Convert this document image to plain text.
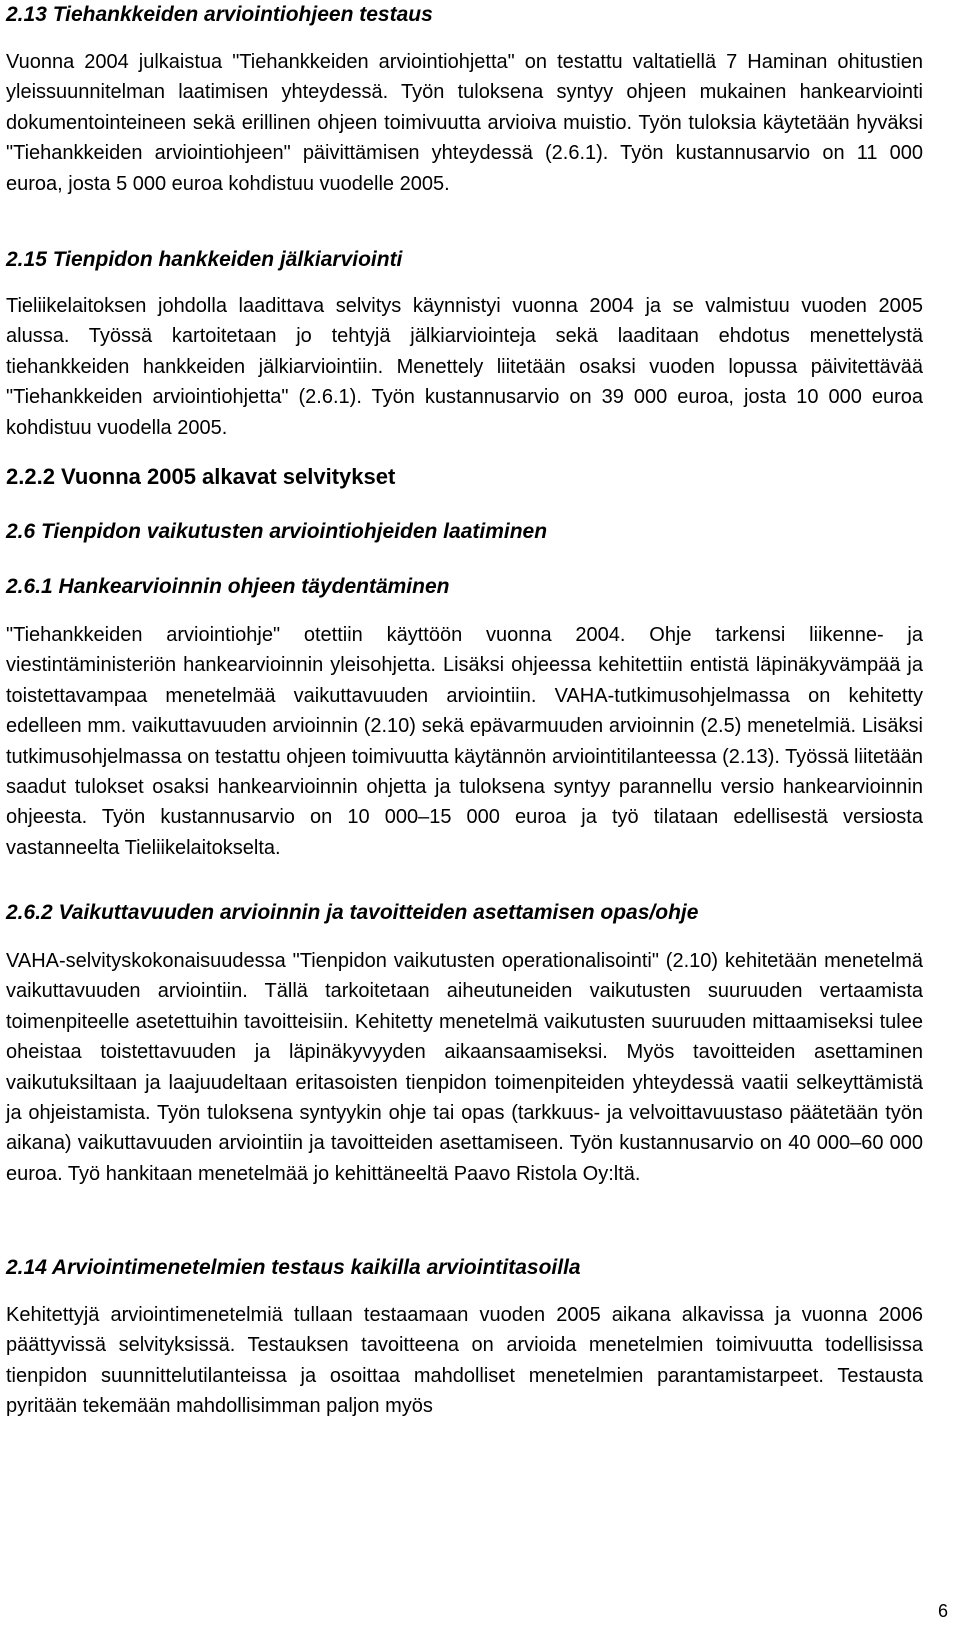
2.13 Tiehankkeiden arviointiohjeen testaus

Vuonna 2004 julkaistua "Tiehankkeiden arviointiohjetta" on testattu valtatiellä 7 Haminan ohitustien yleissuunnitelman laatimisen yhteydessä. Työn tuloksena syntyy ohjeen mukainen hankearviointi dokumentointeineen sekä erillinen ohjeen toimivuutta arvioiva muistio. Työn tuloksia käytetään hyväksi "Tiehankkeiden arviointiohjeen" päivittämisen yhteydessä (2.6.1). Työn kustannusarvio on 11 000 euroa, josta 5 000 euroa kohdistuu vuodelle 2005.

2.15 Tienpidon hankkeiden jälkiarviointi

Tieliikelaitoksen johdolla laadittava selvitys käynnistyi vuonna 2004 ja se valmistuu vuoden 2005 alussa. Työssä kartoitetaan jo tehtyjä jälkiarviointeja sekä laaditaan ehdotus menettelystä tiehankkeiden hankkeiden jälkiarviointiin. Menettely liitetään osaksi vuoden lopussa päivitettävää "Tiehankkeiden arviointiohjetta" (2.6.1). Työn kustannusarvio on 39 000 euroa, josta 10 000 euroa kohdistuu vuodella 2005.

2.2.2 Vuonna 2005 alkavat selvitykset
2.6 Tienpidon vaikutusten arviointiohjeiden laatiminen
2.6.1 Hankearvioinnin ohjeen täydentäminen

"Tiehankkeiden arviointiohje" otettiin käyttöön vuonna 2004. Ohje tarkensi liikenne- ja viestintäministeriön hankearvioinnin yleisohjetta. Lisäksi ohjeessa kehitettiin entistä läpinäkyvämpää ja toistettavampaa menetelmää vaikuttavuuden arviointiin. VAHA-tutkimusohjelmassa on kehitetty edelleen mm. vaikuttavuuden arvioinnin (2.10) sekä epävarmuuden arvioinnin (2.5) menetelmiä. Lisäksi tutkimusohjelmassa on testattu ohjeen toimivuutta käytännön arviointitilanteessa (2.13). Työssä liitetään saadut tulokset osaksi hankearvioinnin ohjetta ja tuloksena syntyy parannellu versio hankearvioinnin ohjeesta. Työn kustannusarvio on 10 000–15 000 euroa ja työ tilataan edellisestä versiosta vastanneelta Tieliikelaitokselta.

2.6.2 Vaikuttavuuden arvioinnin ja tavoitteiden asettamisen opas/ohje

VAHA-selvityskokonaisuudessa "Tienpidon vaikutusten operationalisointi" (2.10) kehitetään menetelmä vaikuttavuuden arviointiin. Tällä tarkoitetaan aiheutuneiden vaikutusten suuruuden vertaamista toimenpiteelle asetettuihin tavoitteisiin. Kehitetty menetelmä vaikutusten suuruuden mittaamiseksi tulee oheistaa toistettavuuden ja läpinäkyvyyden aikaansaamiseksi. Myös tavoitteiden asettaminen vaikutuksiltaan ja laajuudeltaan eritasoisten tienpidon toimenpiteiden yhteydessä vaatii selkeyttämistä ja ohjeistamista. Työn tuloksena syntyykin ohje tai opas (tarkkuus- ja velvoittavuustaso päätetään työn aikana) vaikuttavuuden arviointiin ja tavoitteiden asettamiseen. Työn kustannusarvio on 40 000–60 000 euroa. Työ hankitaan menetelmää jo kehittäneeltä Paavo Ristola Oy:ltä.

2.14 Arviointimenetelmien testaus kaikilla arviointitasoilla

Kehitettyjä arviointimenetelmiä tullaan testaamaan vuoden 2005 aikana alkavissa ja vuonna 2006 päättyvissä selvityksissä. Testauksen tavoitteena on arvioida menetelmien toimivuutta todellisissa tienpidon suunnittelutilanteissa ja osoittaa mahdolliset menetelmien parantamistarpeet. Testausta pyritään tekemään mahdollisimman paljon myös

6
